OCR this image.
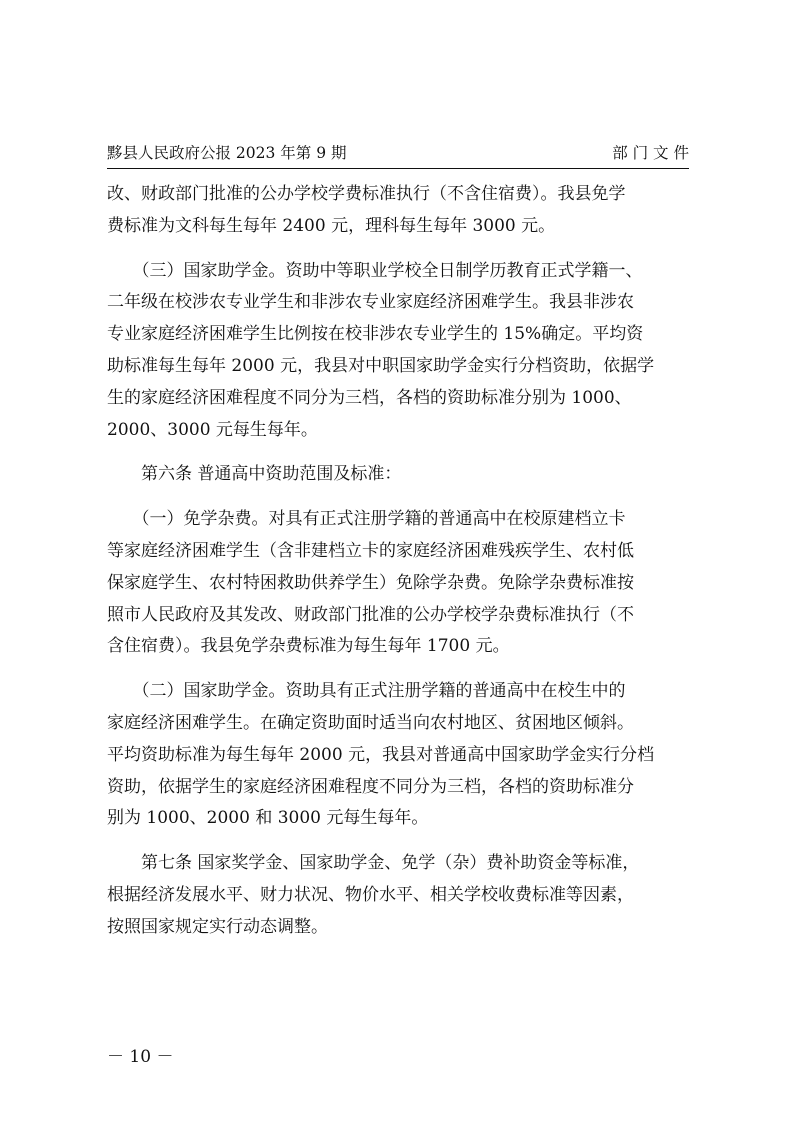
黟县人民政府公报 2023 年第 9 期	部 门 文 件

改、财政部门批准的公办学校学费标准执行（不含住宿费）。我县免学
费标准为文科每生每年 2400 元，理科每生每年 3000 元。

　　（三）国家助学金。资助中等职业学校全日制学历教育正式学籍一、
二年级在校涉农专业学生和非涉农专业家庭经济困难学生。我县非涉农
专业家庭经济困难学生比例按在校非涉农专业学生的 15%确定。平均资
助标准每生每年 2000 元，我县对中职国家助学金实行分档资助，依据学
生的家庭经济困难程度不同分为三档，各档的资助标准分别为 1000、
2000、3000 元每生每年。

　　第六条 普通高中资助范围及标准：

　　（一）免学杂费。对具有正式注册学籍的普通高中在校原建档立卡
等家庭经济困难学生（含非建档立卡的家庭经济困难残疾学生、农村低
保家庭学生、农村特困救助供养学生）免除学杂费。免除学杂费标准按
照市人民政府及其发改、财政部门批准的公办学校学杂费标准执行（不
含住宿费）。我县免学杂费标准为每生每年 1700 元。

　　（二）国家助学金。资助具有正式注册学籍的普通高中在校生中的
家庭经济困难学生。在确定资助面时适当向农村地区、贫困地区倾斜。
平均资助标准为每生每年 2000 元，我县对普通高中国家助学金实行分档
资助，依据学生的家庭经济困难程度不同分为三档，各档的资助标准分
别为 1000、2000 和 3000 元每生每年。

　　第七条 国家奖学金、国家助学金、免学（杂）费补助资金等标准，
根据经济发展水平、财力状况、物价水平、相关学校收费标准等因素，
按照国家规定实行动态调整。

－ 10 －
